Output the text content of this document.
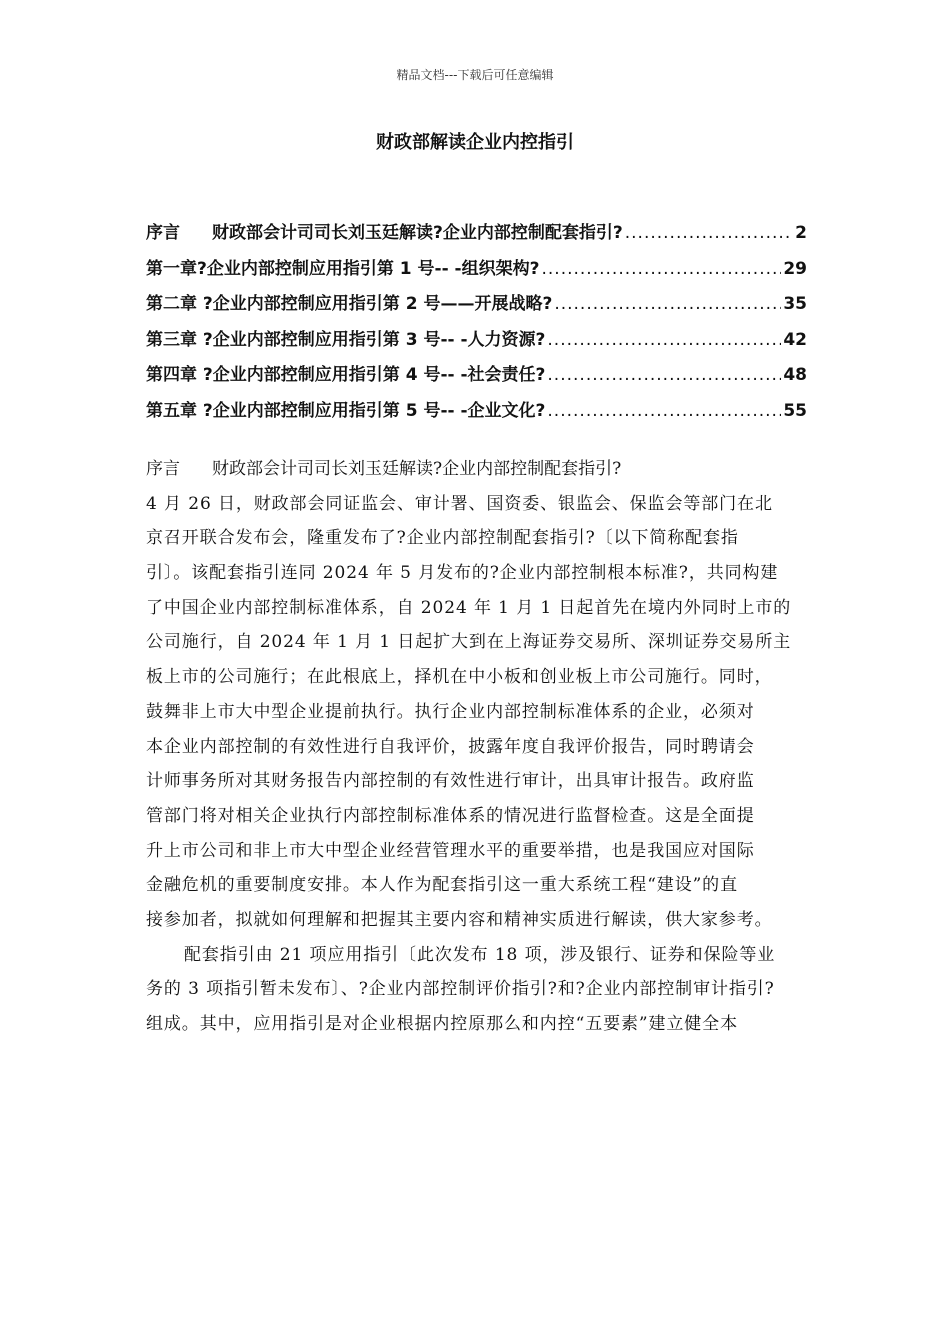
精品文档---下载后可任意编辑
财政部解读企业内控指引
序言 财政部会计司司长刘玉廷解读?企业内部控制配套指引? .....	2
第一章?企业内部控制应用指引第 1 号-- -组织架构? .....	29
第二章 ?企业内部控制应用指引第 2 号——开展战略? .....	35
第三章 ?企业内部控制应用指引第 3 号-- -人力资源? .....	42
第四章 ?企业内部控制应用指引第 4 号-- -社会责任? .....	48
第五章 ?企业内部控制应用指引第 5 号-- -企业文化? .....	55
序言 财政部会计司司长刘玉廷解读?企业内部控制配套指引?
4 月 26 日，财政部会同证监会、审计署、国资委、银监会、保监会等部门在北
京召开联合发布会，隆重发布了?企业内部控制配套指引?〔以下简称配套指
引〕。该配套指引连同 2024 年 5 月发布的?企业内部控制根本标准?，共同构建
了中国企业内部控制标准体系，自 2024 年 1 月 1 日起首先在境内外同时上市的
公司施行，自 2024 年 1 月 1 日起扩大到在上海证券交易所、深圳证券交易所主
板上市的公司施行；在此根底上，择机在中小板和创业板上市公司施行。同时，
鼓舞非上市大中型企业提前执行。执行企业内部控制标准体系的企业，必须对
本企业内部控制的有效性进行自我评价，披露年度自我评价报告，同时聘请会
计师事务所对其财务报告内部控制的有效性进行审计，出具审计报告。政府监
管部门将对相关企业执行内部控制标准体系的情况进行监督检查。这是全面提
升上市公司和非上市大中型企业经营管理水平的重要举措，也是我国应对国际
金融危机的重要制度安排。本人作为配套指引这一重大系统工程“建设”的直
接参加者，拟就如何理解和把握其主要内容和精神实质进行解读，供大家参考。
配套指引由 21 项应用指引〔此次发布 18 项，涉及银行、证券和保险等业
务的 3 项指引暂未发布〕、?企业内部控制评价指引?和?企业内部控制审计指引?
组成。其中，应用指引是对企业根据内控原那么和内控“五要素”建立健全本
